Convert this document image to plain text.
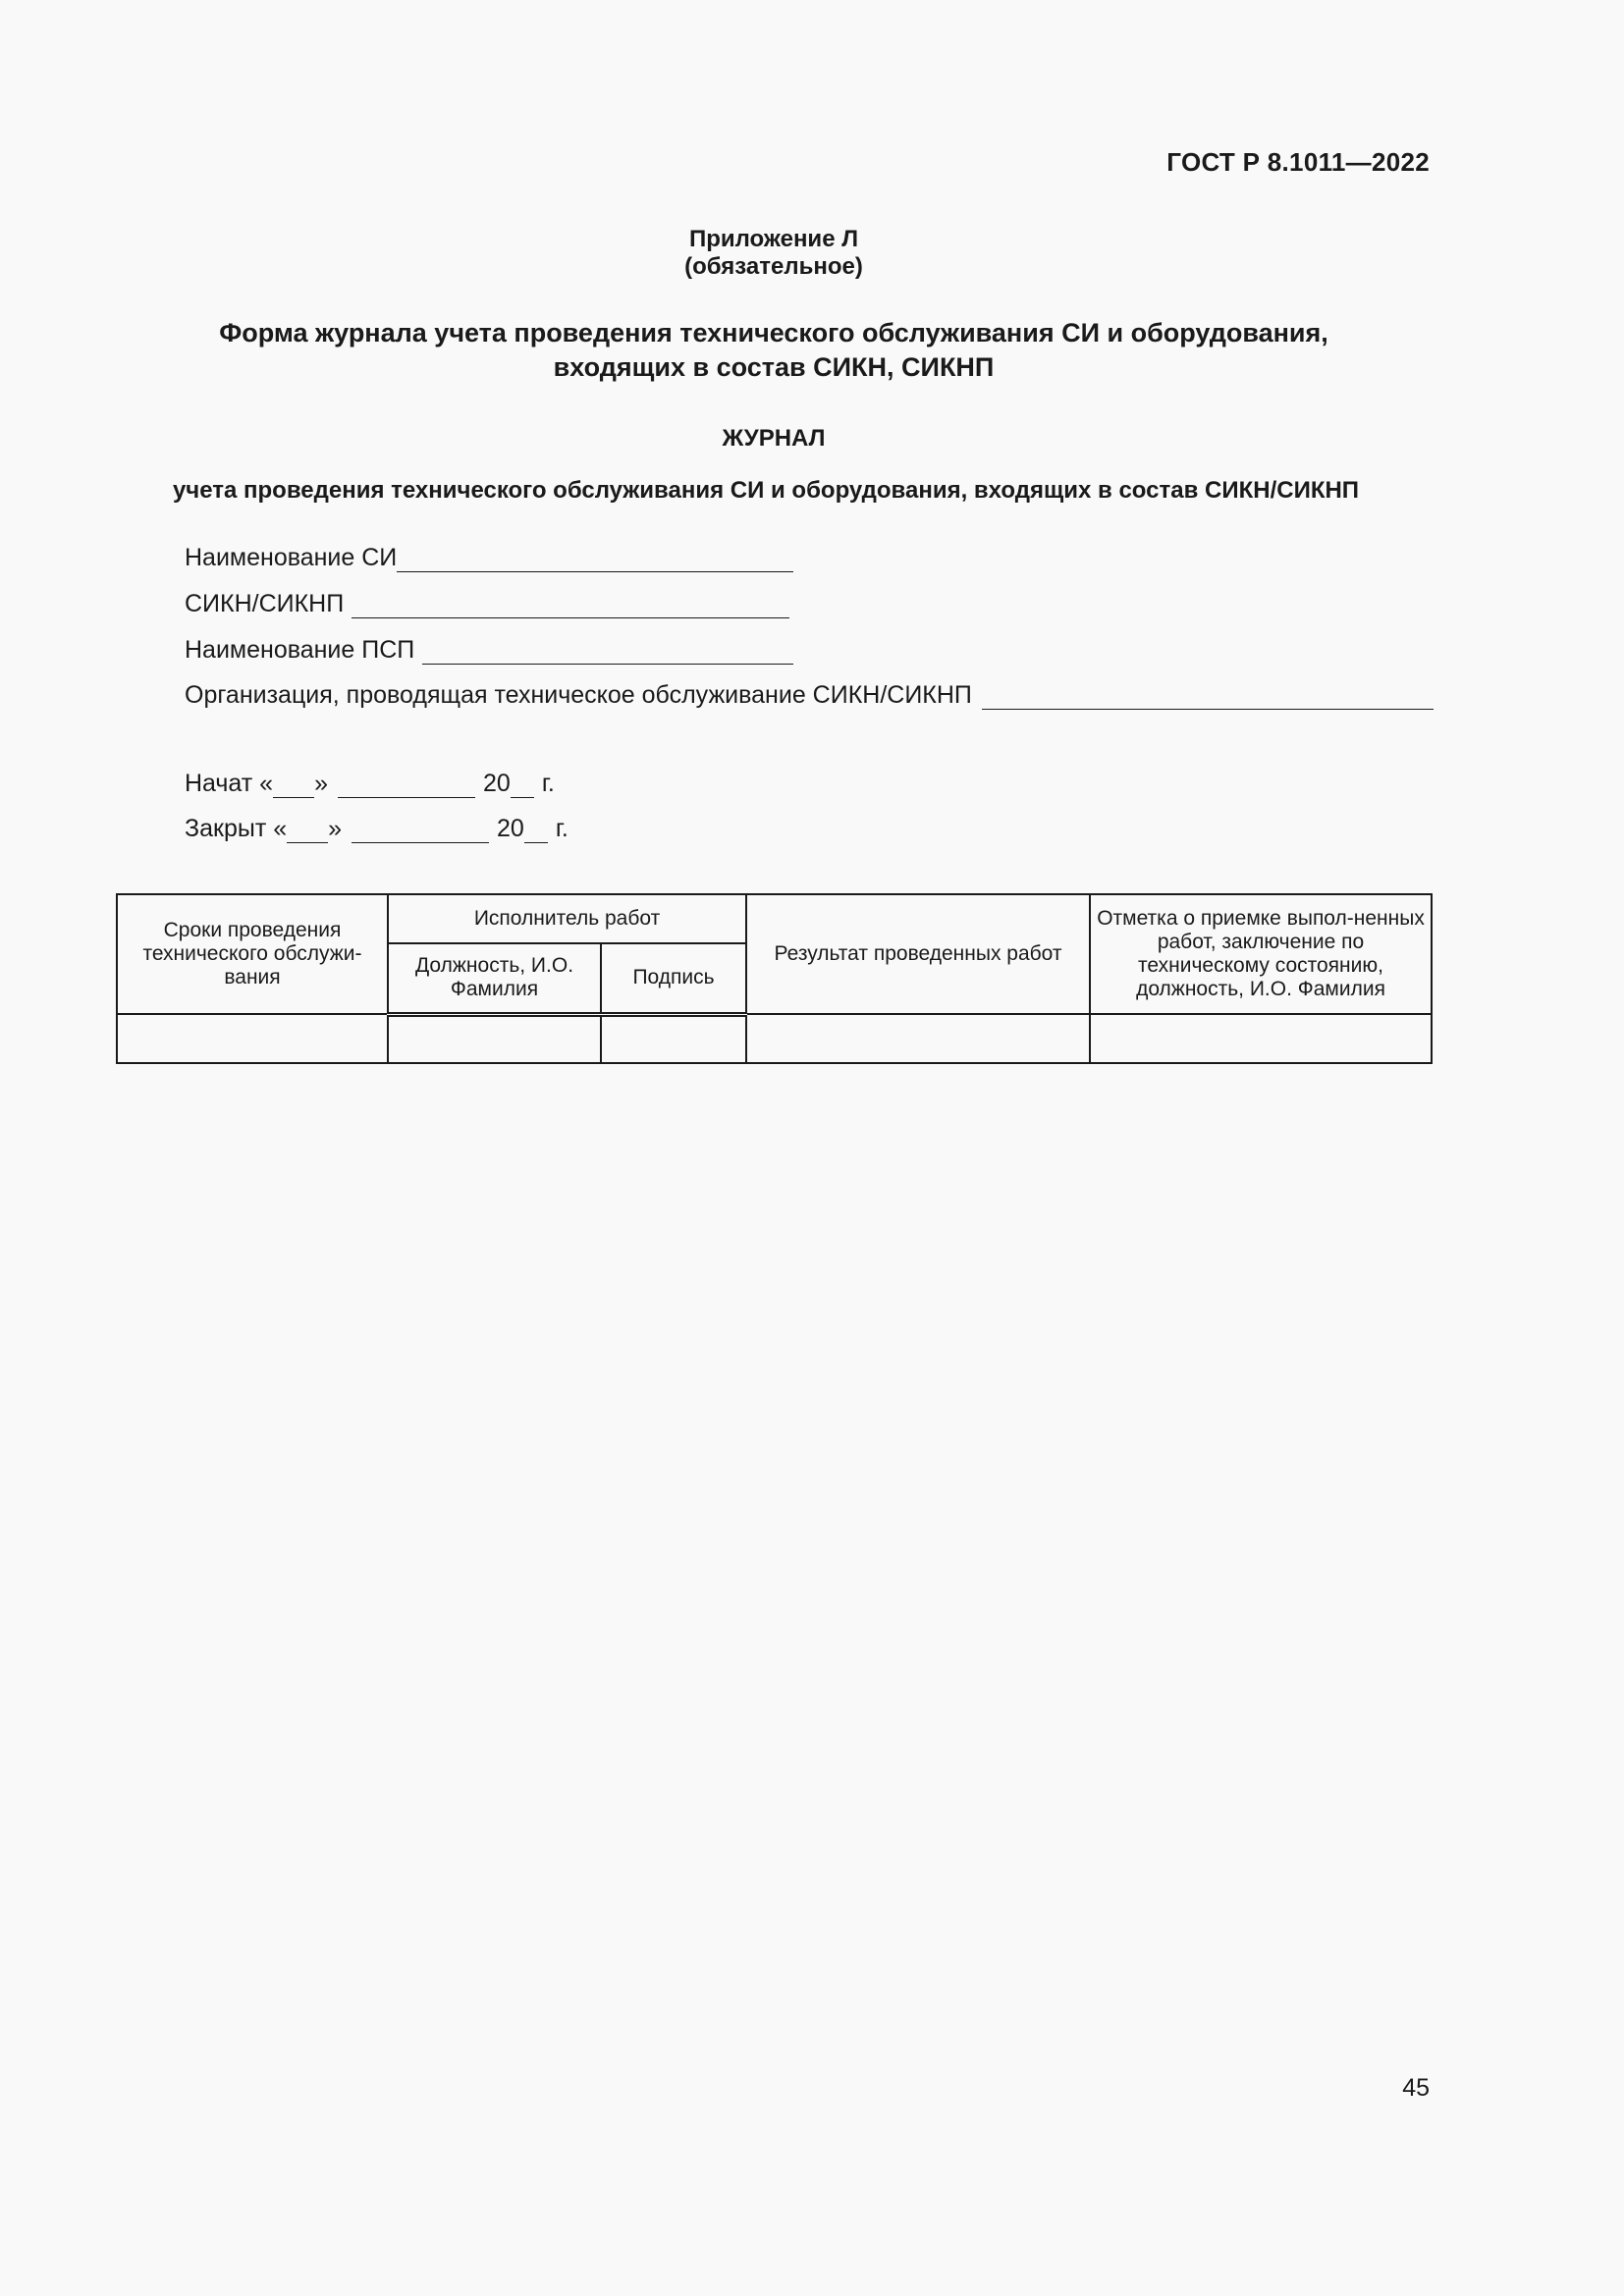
ГОСТ Р 8.1011—2022
Приложение Л
(обязательное)
Форма журнала учета проведения технического обслуживания СИ и оборудования,
входящих в состав СИКН, СИКНП
ЖУРНАЛ
учета проведения технического обслуживания СИ и оборудования, входящих в состав СИКН/СИКНП
Наименование СИ
СИКН/СИКНП
Наименование ПСП
Организация, проводящая техническое обслуживание СИКН/СИКНП
Начат « »	20 г.
Закрыт « »	20 г.
Сроки проведения технического обслужи-вания	Исполнитель работ		Результат проведенных работ	Отметка о приемке выпол-ненных работ, заключение по техническому состоянию, должность, И.О. Фамилия
	Должность, И.О. Фамилия	Подпись		

45
